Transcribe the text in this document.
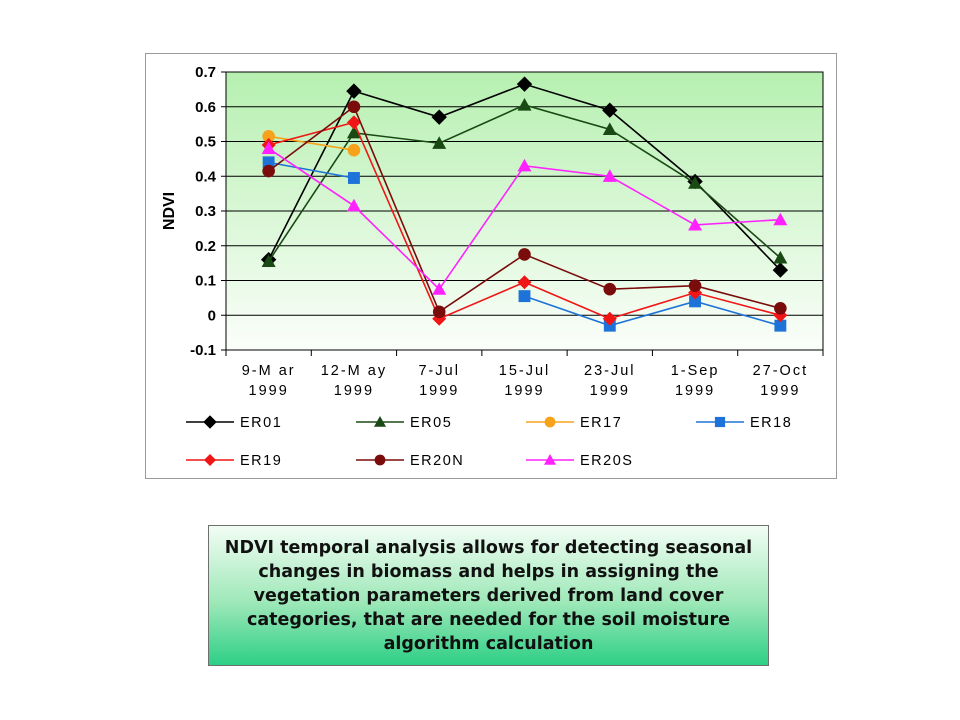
NDVI
-0.1
0
0.1
0.2
0.3
0.4
0.5
0.6
0.7
9-M ar
1999
12-M ay
1999
7-Jul
1999
15-Jul
1999
23-Jul
1999
1-Sep
1999
27-Oct
1999
ER01	ER05	ER17	ER18
ER19	ER20N	ER20S

NDVI temporal analysis allows for detecting seasonal changes in biomass and helps in assigning the vegetation parameters derived from land cover categories, that are needed for the soil moisture algorithm calculation
